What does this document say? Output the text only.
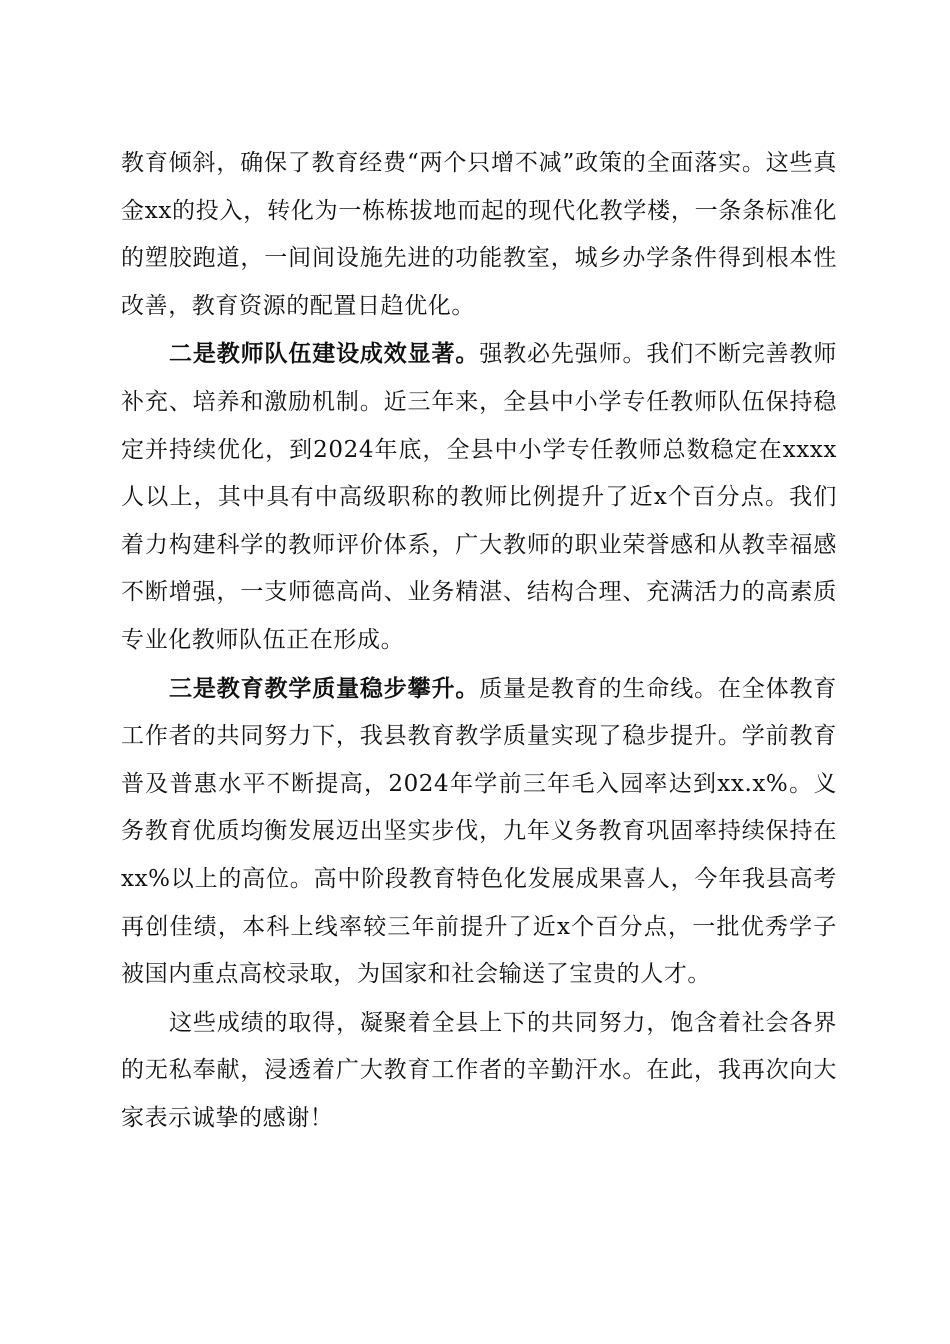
教育倾斜，确保了教育经费“两个只增不减”政策的全面落实。这些真金xx的投入，转化为一栋栋拔地而起的现代化教学楼，一条条标准化的塑胶跑道，一间间设施先进的功能教室，城乡办学条件得到根本性改善，教育资源的配置日趋优化。

二是教师队伍建设成效显著。强教必先强师。我们不断完善教师补充、培养和激励机制。近三年来，全县中小学专任教师队伍保持稳定并持续优化，到2024年底，全县中小学专任教师总数稳定在xxxx人以上，其中具有中高级职称的教师比例提升了近x个百分点。我们着力构建科学的教师评价体系，广大教师的职业荣誉感和从教幸福感不断增强，一支师德高尚、业务精湛、结构合理、充满活力的高素质专业化教师队伍正在形成。

三是教育教学质量稳步攀升。质量是教育的生命线。在全体教育工作者的共同努力下，我县教育教学质量实现了稳步提升。学前教育普及普惠水平不断提高，2024年学前三年毛入园率达到xx.x%。义务教育优质均衡发展迈出坚实步伐，九年义务教育巩固率持续保持在xx%以上的高位。高中阶段教育特色化发展成果喜人，今年我县高考再创佳绩，本科上线率较三年前提升了近x个百分点，一批优秀学子被国内重点高校录取，为国家和社会输送了宝贵的人才。

这些成绩的取得，凝聚着全县上下的共同努力，饱含着社会各界的无私奉献，浸透着广大教育工作者的辛勤汗水。在此，我再次向大家表示诚挚的感谢！
